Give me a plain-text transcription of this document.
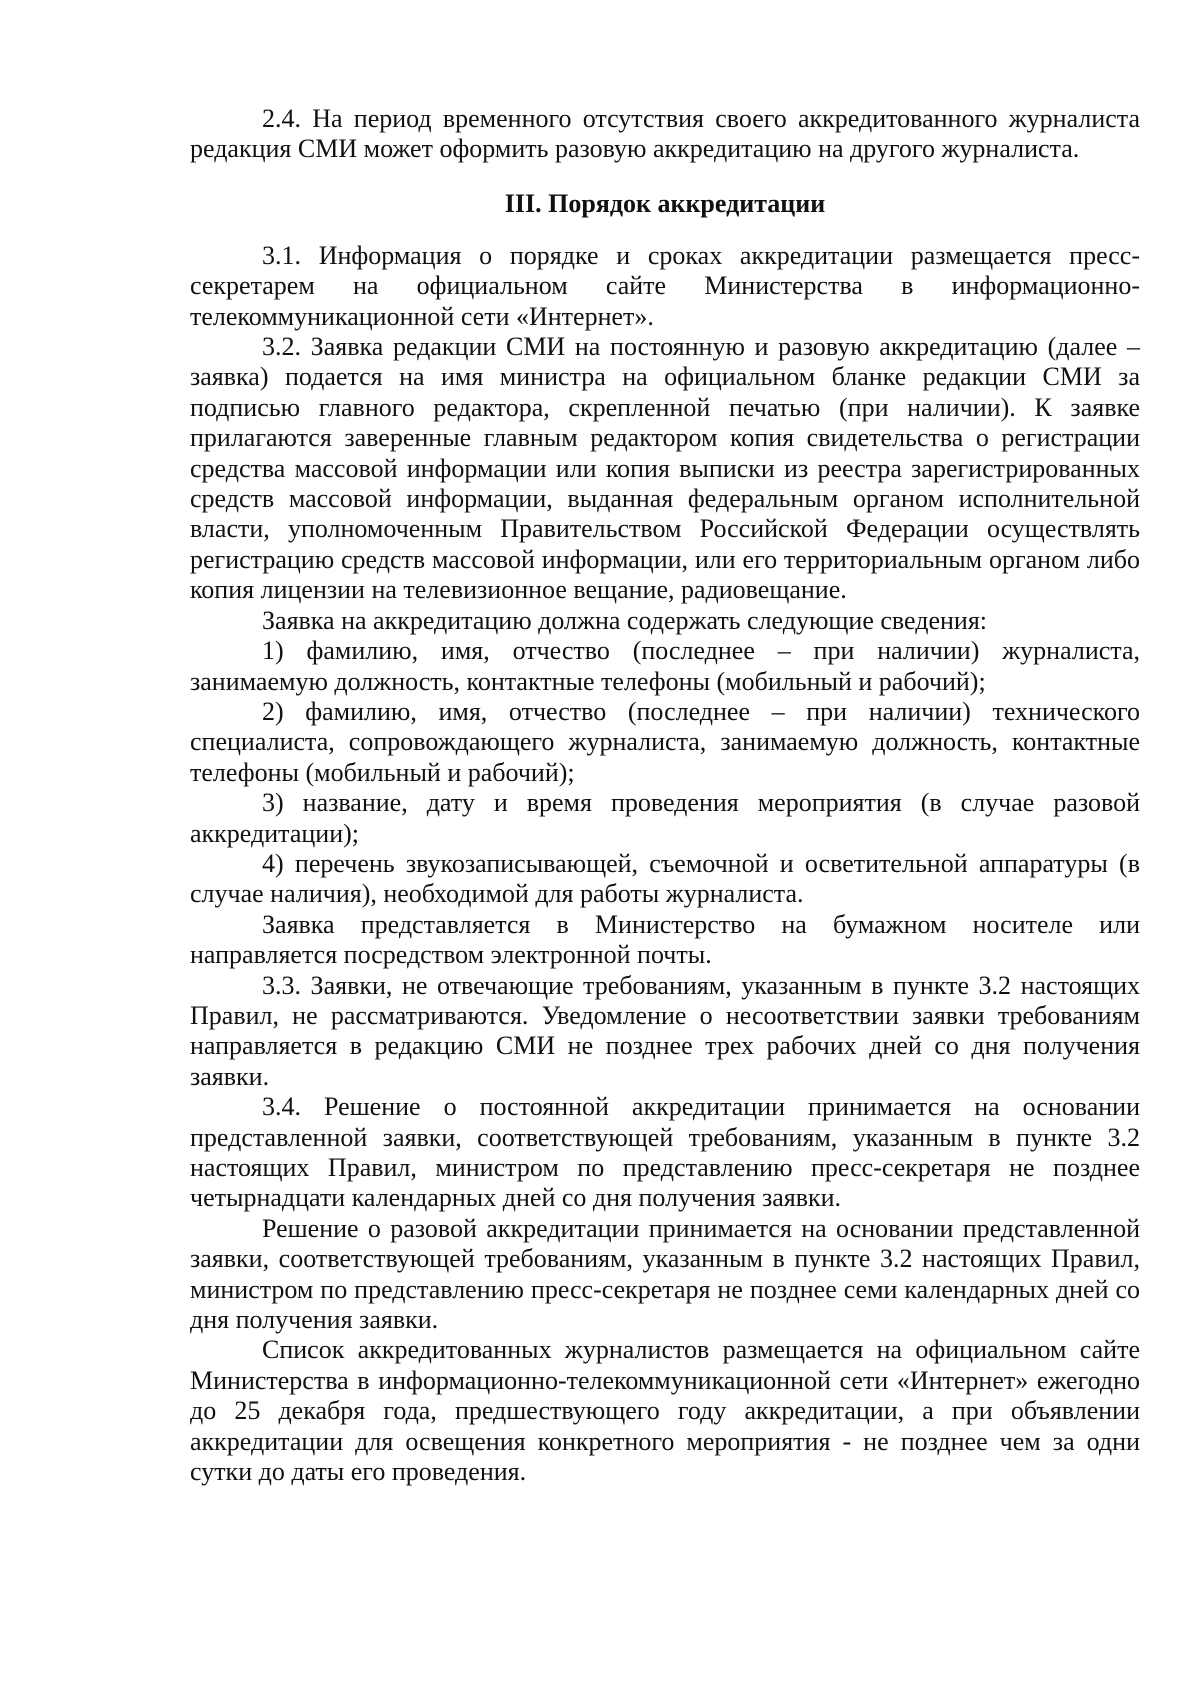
2.4. На период временного отсутствия своего аккредитованного журналиста редакция СМИ может оформить разовую аккредитацию на другого журналиста.

III. Порядок аккредитации

3.1. Информация о порядке и сроках аккредитации размещается пресс-секретарем на официальном сайте Министерства в информационно-телекоммуникационной сети «Интернет».

3.2. Заявка редакции СМИ на постоянную и разовую аккредитацию (далее – заявка) подается на имя министра на официальном бланке редакции СМИ за подписью главного редактора, скрепленной печатью (при наличии). К заявке прилагаются заверенные главным редактором копия свидетельства о регистрации средства массовой информации или копия выписки из реестра зарегистрированных средств массовой информации, выданная федеральным органом исполнительной власти, уполномоченным Правительством Российской Федерации осуществлять регистрацию средств массовой информации, или его территориальным органом либо копия лицензии на телевизионное вещание, радиовещание.

Заявка на аккредитацию должна содержать следующие сведения:

1) фамилию, имя, отчество (последнее – при наличии) журналиста, занимаемую должность, контактные телефоны (мобильный и рабочий);

2) фамилию, имя, отчество (последнее – при наличии) технического специалиста, сопровождающего журналиста, занимаемую должность, контактные телефоны (мобильный и рабочий);

3) название, дату и время проведения мероприятия (в случае разовой аккредитации);

4) перечень звукозаписывающей, съемочной и осветительной аппаратуры (в случае наличия), необходимой для работы журналиста.

Заявка представляется в Министерство на бумажном носителе или направляется посредством электронной почты.

3.3. Заявки, не отвечающие требованиям, указанным в пункте 3.2 настоящих Правил, не рассматриваются. Уведомление о несоответствии заявки требованиям направляется в редакцию СМИ не позднее трех рабочих дней со дня получения заявки.

3.4. Решение о постоянной аккредитации принимается на основании представленной заявки, соответствующей требованиям, указанным в пункте 3.2 настоящих Правил, министром по представлению пресс-секретаря не позднее четырнадцати календарных дней со дня получения заявки.

Решение о разовой аккредитации принимается на основании представленной заявки, соответствующей требованиям, указанным в пункте 3.2 настоящих Правил, министром по представлению пресс-секретаря не позднее семи календарных дней со дня получения заявки.

Список аккредитованных журналистов размещается на официальном сайте Министерства в информационно-телекоммуникационной сети «Интернет» ежегодно до 25 декабря года, предшествующего году аккредитации, а при объявлении аккредитации для освещения конкретного мероприятия - не позднее чем за одни сутки до даты его проведения.
